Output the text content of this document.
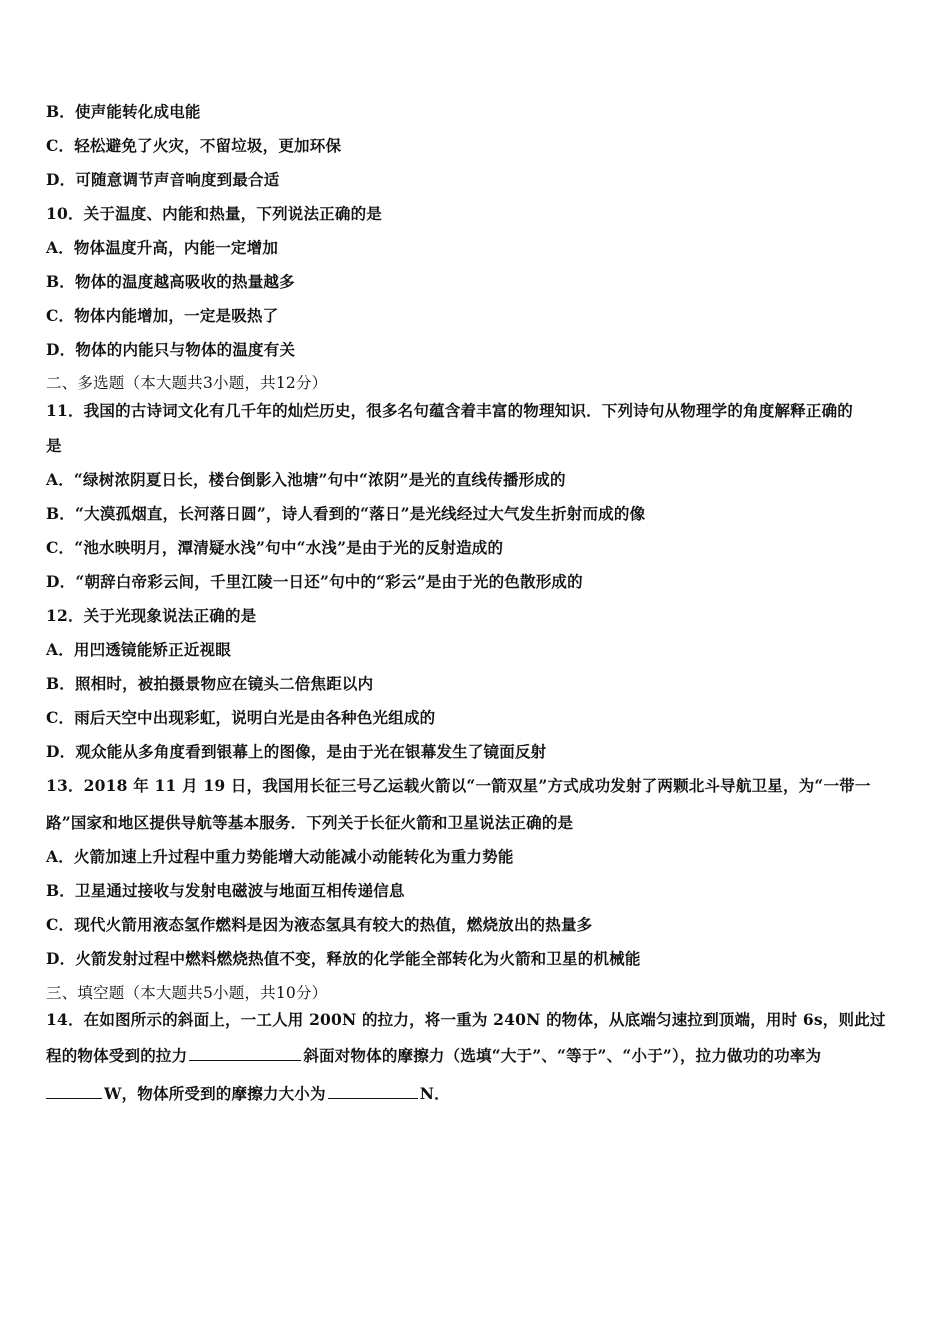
B．使声能转化成电能
C．轻松避免了火灾，不留垃圾，更加环保
D．可随意调节声音响度到最合适
10．关于温度、内能和热量，下列说法正确的是
A．物体温度升高，内能一定增加
B．物体的温度越高吸收的热量越多
C．物体内能增加，一定是吸热了
D．物体的内能只与物体的温度有关
二、多选题（本大题共3小题，共12分）
11．我国的古诗词文化有几千年的灿烂历史，很多名句蕴含着丰富的物理知识．下列诗句从物理学的角度解释正确的
是
A．“绿树浓阴夏日长，楼台倒影入池塘”句中“浓阴”是光的直线传播形成的
B．“大漠孤烟直，长河落日圆”，诗人看到的“落日”是光线经过大气发生折射而成的像
C．“池水映明月，潭清疑水浅”句中“水浅”是由于光的反射造成的
D．“朝辞白帝彩云间，千里江陵一日还”句中的“彩云”是由于光的色散形成的
12．关于光现象说法正确的是
A．用凹透镜能矫正近视眼
B．照相时，被拍摄景物应在镜头二倍焦距以内
C．雨后天空中出现彩虹，说明白光是由各种色光组成的
D．观众能从多角度看到银幕上的图像，是由于光在银幕发生了镜面反射
13．2018 年 11 月 19 日，我国用长征三号乙运载火箭以“一箭双星”方式成功发射了两颗北斗导航卫星，为“一带一
路”国家和地区提供导航等基本服务．下列关于长征火箭和卫星说法正确的是
A．火箭加速上升过程中重力势能增大动能减小动能转化为重力势能
B．卫星通过接收与发射电磁波与地面互相传递信息
C．现代火箭用液态氢作燃料是因为液态氢具有较大的热值，燃烧放出的热量多
D．火箭发射过程中燃料燃烧热值不变，释放的化学能全部转化为火箭和卫星的机械能
三、填空题（本大题共5小题，共10分）
14．在如图所示的斜面上，一工人用 200N 的拉力，将一重为 240N 的物体，从底端匀速拉到顶端，用时 6s，则此过
程的物体受到的拉力	斜面对物体的摩擦力（选填“大于”、“等于”、“小于”），拉力做功的功率为
W，物体所受到的摩擦力大小为	N．
